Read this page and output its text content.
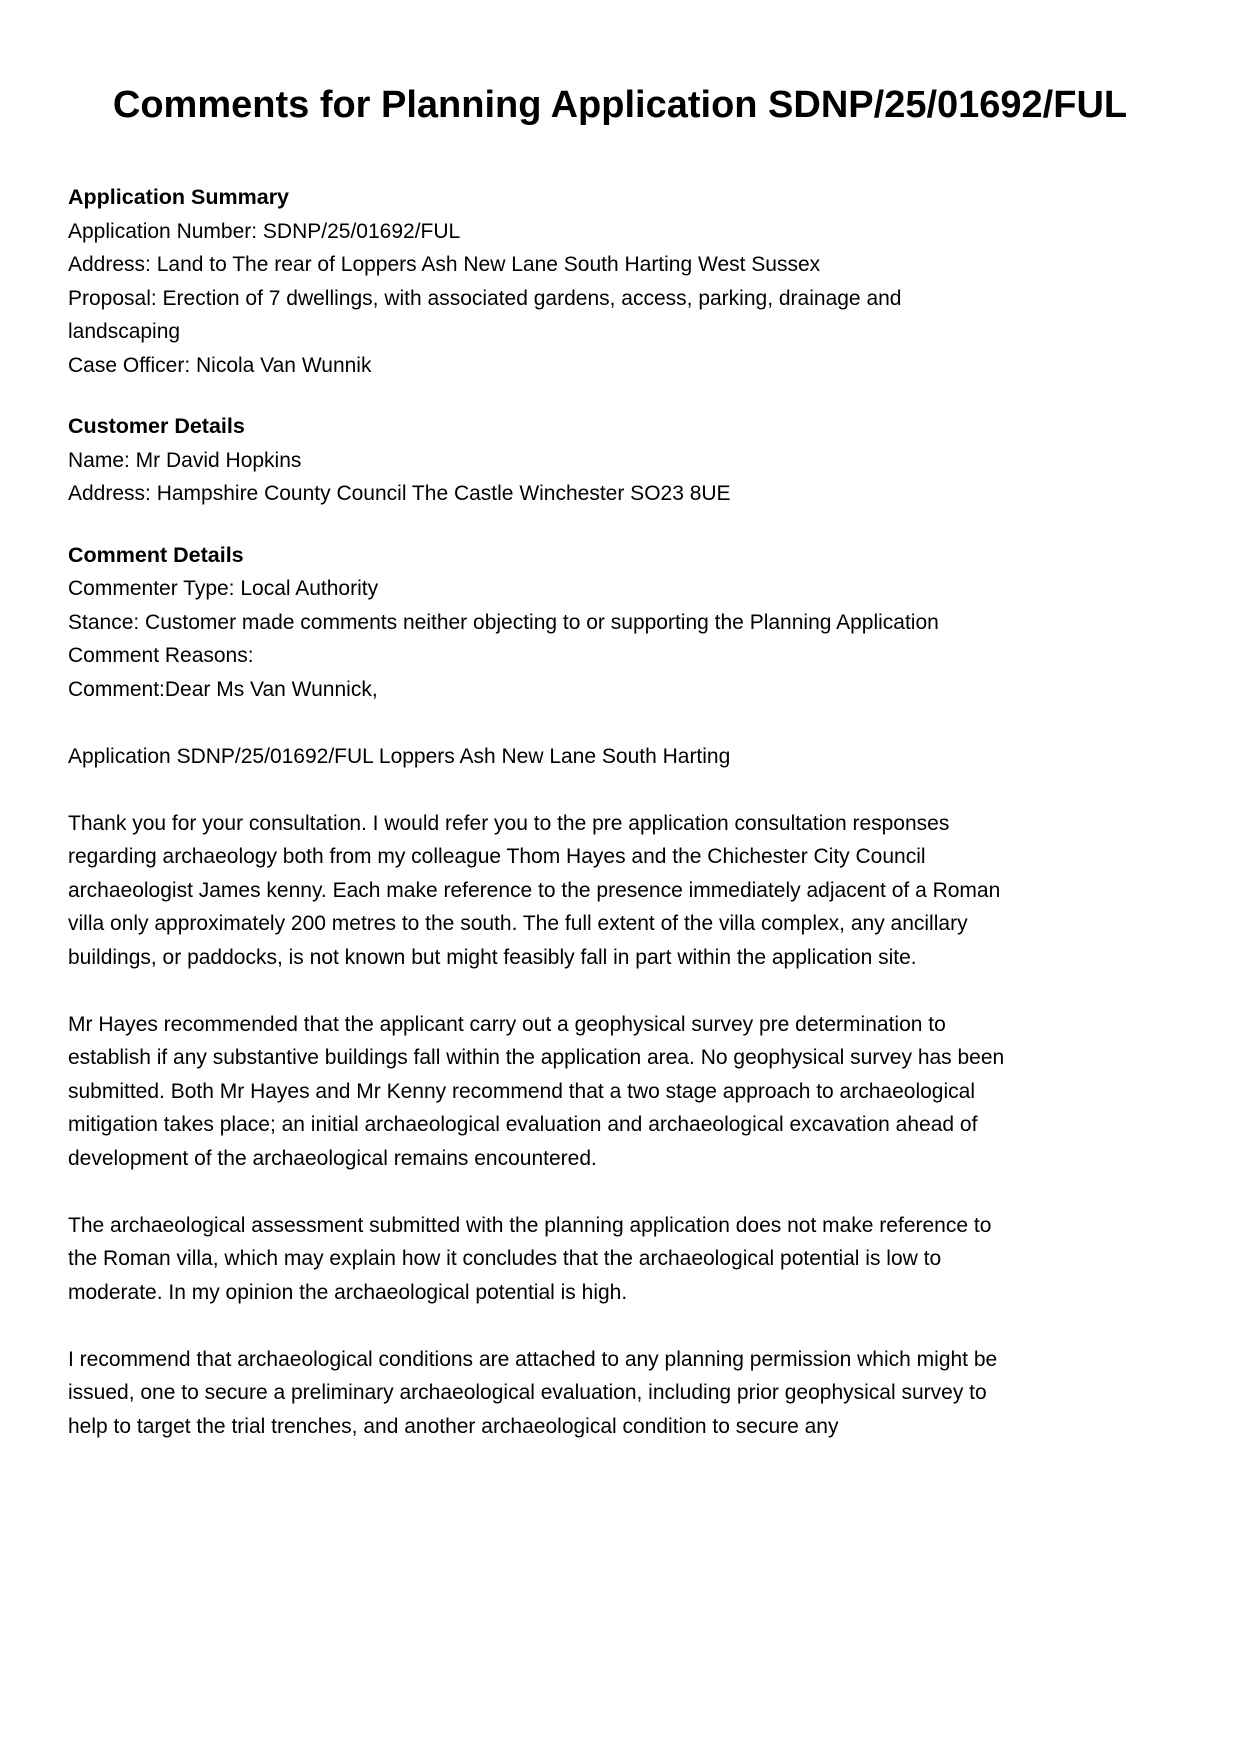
Comments for Planning Application SDNP/25/01692/FUL
Application Summary

Application Number: SDNP/25/01692/FUL

Address: Land to The rear of Loppers Ash New Lane South Harting West Sussex

Proposal: Erection of 7 dwellings, with associated gardens, access, parking, drainage and landscaping

Case Officer: Nicola Van Wunnik

Customer Details

Name: Mr David Hopkins

Address: Hampshire County Council The Castle Winchester SO23 8UE

Comment Details

Commenter Type: Local Authority

Stance: Customer made comments neither objecting to or supporting the Planning Application

Comment Reasons:

Comment:Dear Ms Van Wunnick,

Application SDNP/25/01692/FUL Loppers Ash New Lane South Harting

Thank you for your consultation. I would refer you to the pre application consultation responses regarding archaeology both from my colleague Thom Hayes and the Chichester City Council archaeologist James kenny. Each make reference to the presence immediately adjacent of a Roman villa only approximately 200 metres to the south. The full extent of the villa complex, any ancillary buildings, or paddocks, is not known but might feasibly fall in part within the application site.

Mr Hayes recommended that the applicant carry out a geophysical survey pre determination to establish if any substantive buildings fall within the application area. No geophysical survey has been submitted. Both Mr Hayes and Mr Kenny recommend that a two stage approach to archaeological mitigation takes place; an initial archaeological evaluation and archaeological excavation ahead of development of the archaeological remains encountered.

The archaeological assessment submitted with the planning application does not make reference to the Roman villa, which may explain how it concludes that the archaeological potential is low to moderate. In my opinion the archaeological potential is high.

I recommend that archaeological conditions are attached to any planning permission which might be issued, one to secure a preliminary archaeological evaluation, including prior geophysical survey to help to target the trial trenches, and another archaeological condition to secure any
